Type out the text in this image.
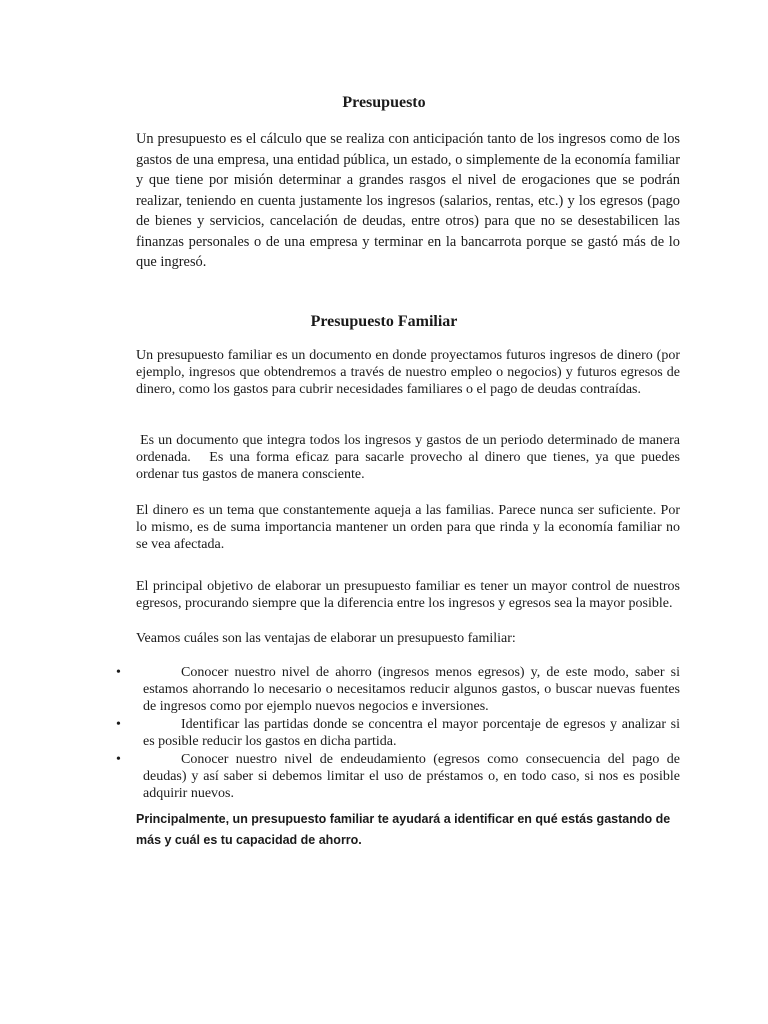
Presupuesto
Un presupuesto es el cálculo que se realiza con anticipación tanto de los ingresos como de los gastos de una empresa, una entidad pública, un estado, o simplemente de la economía familiar y que tiene por misión determinar a grandes rasgos el nivel de erogaciones que se podrán realizar, teniendo en cuenta justamente los ingresos (salarios, rentas, etc.) y los egresos (pago de bienes y servicios, cancelación de deudas, entre otros) para que no se desestabilicen las finanzas personales o de una empresa y terminar en la bancarrota porque se gastó más de lo que ingresó.
Presupuesto Familiar
Un presupuesto familiar es un documento en donde proyectamos futuros ingresos de dinero (por ejemplo, ingresos que obtendremos a través de nuestro empleo o negocios) y futuros egresos de dinero, como los gastos para cubrir necesidades familiares o el pago de deudas contraídas.
Es un documento que integra todos los ingresos y gastos de un periodo determinado de manera ordenada.   Es una forma eficaz para sacarle provecho al dinero que tienes, ya que puedes ordenar tus gastos de manera consciente.
El dinero es un tema que constantemente aqueja a las familias. Parece nunca ser suficiente. Por lo mismo, es de suma importancia mantener un orden para que rinda y la economía familiar no se vea afectada.
El principal objetivo de elaborar un presupuesto familiar es tener un mayor control de nuestros egresos, procurando siempre que la diferencia entre los ingresos y egresos sea la mayor posible.
Veamos cuáles son las ventajas de elaborar un presupuesto familiar:
•	Conocer nuestro nivel de ahorro (ingresos menos egresos) y, de este modo, saber si estamos ahorrando lo necesario o necesitamos reducir algunos gastos, o buscar nuevas fuentes de ingresos como por ejemplo nuevos negocios e inversiones.
•	Identificar las partidas donde se concentra el mayor porcentaje de egresos y analizar si es posible reducir los gastos en dicha partida.
•	Conocer nuestro nivel de endeudamiento (egresos como consecuencia del pago de deudas) y así saber si debemos limitar el uso de préstamos o, en todo caso, si nos es posible adquirir nuevos.
Principalmente, un presupuesto familiar te ayudará a identificar en qué estás gastando de más y cuál es tu capacidad de ahorro.
